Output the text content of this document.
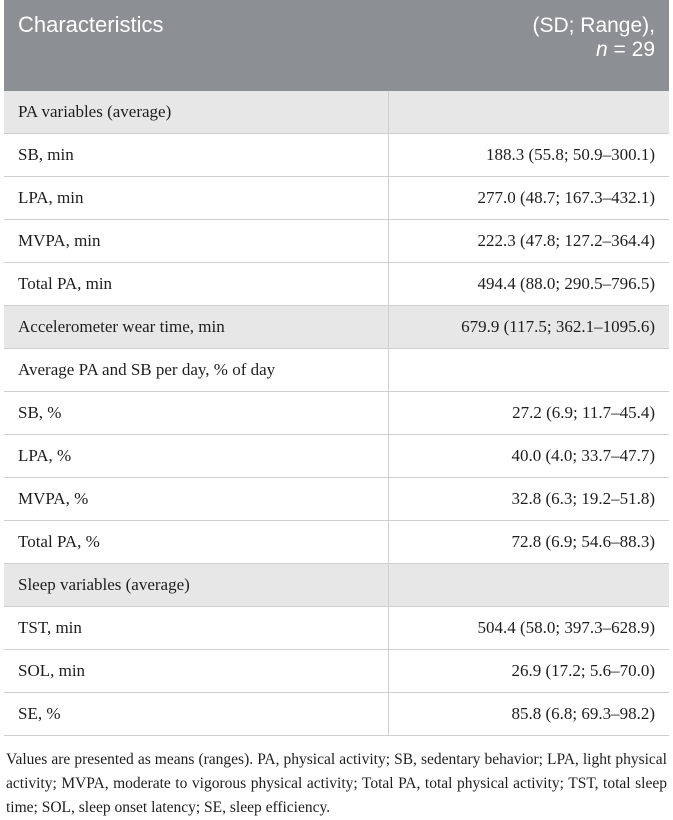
Characteristics	(SD; Range),
n = 29
PA variables (average)	
SB, min	188.3 (55.8; 50.9–300.1)
LPA, min	277.0 (48.7; 167.3–432.1)
MVPA, min	222.3 (47.8; 127.2–364.4)
Total PA, min	494.4 (88.0; 290.5–796.5)
Accelerometer wear time, min	679.9 (117.5; 362.1–1095.6)
Average PA and SB per day, % of day	
SB, %	27.2 (6.9; 11.7–45.4)
LPA, %	40.0 (4.0; 33.7–47.7)
MVPA, %	32.8 (6.3; 19.2–51.8)
Total PA, %	72.8 (6.9; 54.6–88.3)
Sleep variables (average)	
TST, min	504.4 (58.0; 397.3–628.9)
SOL, min	26.9 (17.2; 5.6–70.0)
SE, %	85.8 (6.8; 69.3–98.2)
Values are presented as means (ranges). PA, physical activity; SB, sedentary behavior; LPA, light physical activity; MVPA, moderate to vigorous physical activity; Total PA, total physical activity; TST, total sleep time; SOL, sleep onset latency; SE, sleep efficiency.
